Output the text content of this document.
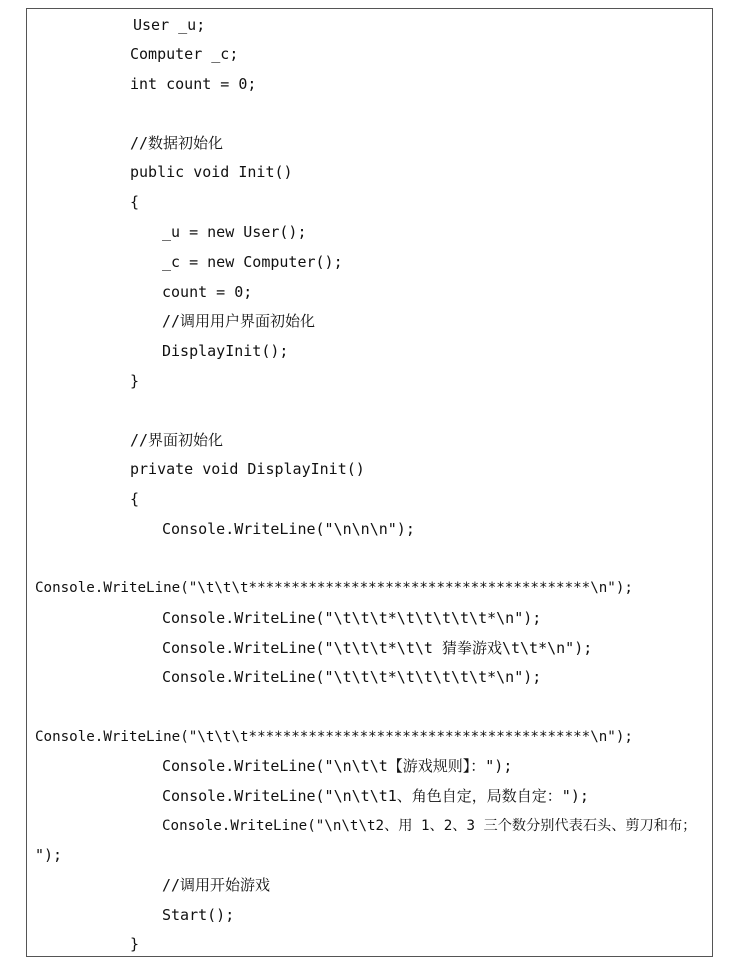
User _u;
Computer _c;
int count = 0;
//数据初始化
public void Init()
{
_u = new User();
_c = new Computer();
count = 0;
//调用用户界面初始化
DisplayInit();
}
//界面初始化
private void DisplayInit()
{
Console.WriteLine("\n\n\n");
Console.WriteLine("\t\t\t****************************************\n");
Console.WriteLine("\t\t\t*\t\t\t\t\t*\n");
Console.WriteLine("\t\t\t*\t\t 猜拳游戏\t\t*\n");
Console.WriteLine("\t\t\t*\t\t\t\t\t*\n");
Console.WriteLine("\t\t\t****************************************\n");
Console.WriteLine("\n\t\t【游戏规则】：");
Console.WriteLine("\n\t\t1、角色自定，局数自定：");
Console.WriteLine("\n\t\t2、用 1、2、3 三个数分别代表石头、剪刀和布；
");
//调用开始游戏
Start();
}
